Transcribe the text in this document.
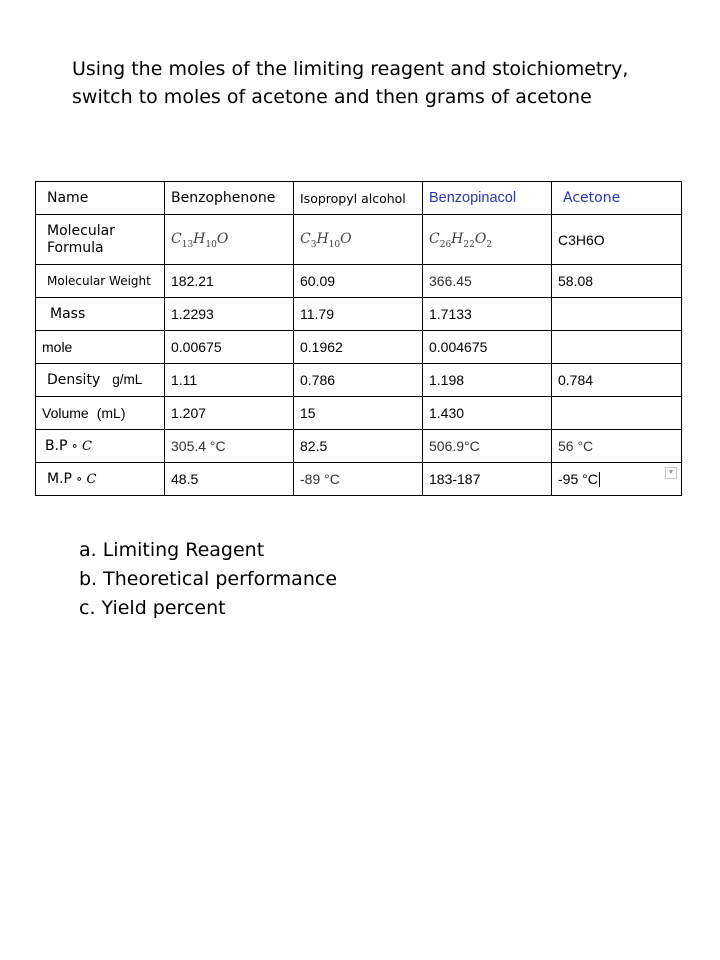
Using the moles of the limiting reagent and stoichiometry,
switch to moles of acetone and then grams of acetone
Name	Benzophenone	Isopropyl alcohol	Benzopinacol	Acetone
Molecular Formula	$C_{13}H_{10}O$	$C_3H_{10}O$	$C_{26}H_{22}O_2$	C3H6O
Molecular Weight	182.21	60.09	366.45	58.08
Mass	1.2293	11.79	1.7133	
mole	0.00675	0.1962	0.004675	
Density g/mL	1.11	0.786	1.198	0.784
Volume (mL)	1.207	15	1.430	
B.P ∘ C	305.4 °C	82.5	506.9°C	56 °C
M.P ∘ C	48.5	-89 °C	183-187	-95 °C ▼
a. Limiting Reagent
b. Theoretical performance
c. Yield percent
